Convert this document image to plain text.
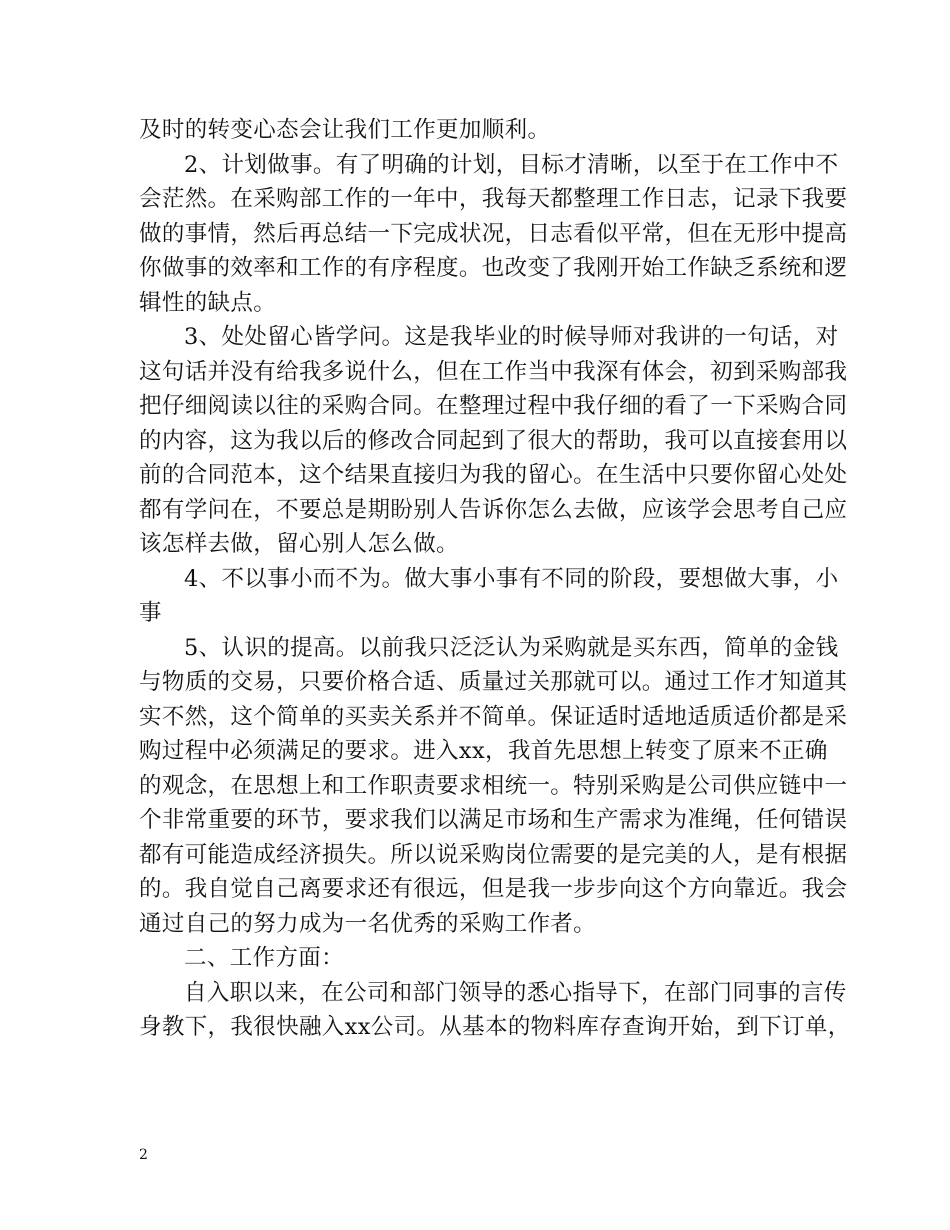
及时的转变心态会让我们工作更加顺利。
2、计划做事。有了明确的计划，目标才清晰，以至于在工作中不
会茫然。在采购部工作的一年中，我每天都整理工作日志，记录下我要
做的事情，然后再总结一下完成状况，日志看似平常，但在无形中提高
你做事的效率和工作的有序程度。也改变了我刚开始工作缺乏系统和逻
辑性的缺点。
3、处处留心皆学问。这是我毕业的时候导师对我讲的一句话，对
这句话并没有给我多说什么，但在工作当中我深有体会，初到采购部我
把仔细阅读以往的采购合同。在整理过程中我仔细的看了一下采购合同
的内容，这为我以后的修改合同起到了很大的帮助，我可以直接套用以
前的合同范本，这个结果直接归为我的留心。在生活中只要你留心处处
都有学问在，不要总是期盼别人告诉你怎么去做，应该学会思考自己应
该怎样去做，留心别人怎么做。
4、不以事小而不为。做大事小事有不同的阶段，要想做大事，小
事
5、认识的提高。以前我只泛泛认为采购就是买东西，简单的金钱
与物质的交易，只要价格合适、质量过关那就可以。通过工作才知道其
实不然，这个简单的买卖关系并不简单。保证适时适地适质适价都是采
购过程中必须满足的要求。进入xx，我首先思想上转变了原来不正确
的观念，在思想上和工作职责要求相统一。特别采购是公司供应链中一
个非常重要的环节，要求我们以满足市场和生产需求为准绳，任何错误
都有可能造成经济损失。所以说采购岗位需要的是完美的人，是有根据
的。我自觉自己离要求还有很远，但是我一步步向这个方向靠近。我会
通过自己的努力成为一名优秀的采购工作者。
二、工作方面：
自入职以来，在公司和部门领导的悉心指导下，在部门同事的言传
身教下，我很快融入xx公司。从基本的物料库存查询开始，到下订单，
2
